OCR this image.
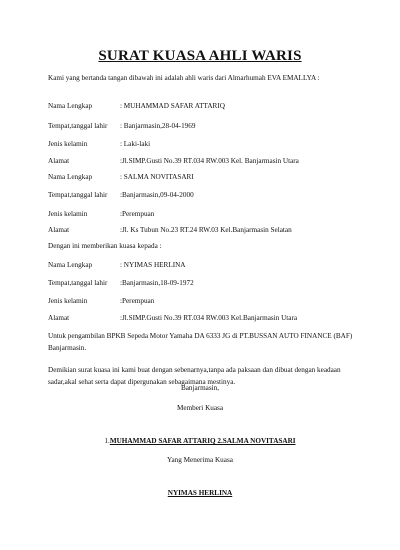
SURAT KUASA AHLI WARIS
Kami yang bertanda tangan dibawah ini adalah ahli waris dari Almarhumah EVA EMALLYA :
Nama Lengkap	: MUHAMMAD SAFAR ATTARIQ
Tempat,tanggal lahir : Banjarmasin,28-04-1969
Jenis kelamin	: Laki-laki
Alamat	:Jl.SIMP.Gusti No.39 RT.034 RW.003 Kel. Banjarmasin Utara
Nama Lengkap	: SALMA NOVITASARI
Tempat,tanggal lahir :Banjarmasin,09-04-2000
Jenis kelamin	:Perempuan
Alamat	:Jl. Ks Tubun No.23 RT.24 RW.03 Kel.Banjarmasin Selatan
Dengan ini memberikan kuasa kepada :
Nama Lengkap	: NYIMAS HERLINA
Tempat,tanggal lahir :Banjarmasin,18-09-1972
Jenis kelamin	:Perempuan
Alamat	:Jl.SIMP.Gusti No.39 RT.034 RW.003 Kel.Banjarmasin Utara
Untuk pengambilan BPKB Sepeda Motor Yamaha DA 6333 JG di PT.BUSSAN AUTO FINANCE (BAF) Banjarmasin.
Demikian surat kuasa ini kami buat dengan sebenarnya,tanpa ada paksaan dan dibuat dengan keadaan sadar,akal sehat serta dapat dipergunakan sebagaimana mestinya.
Banjarmasin,
Memberi Kuasa
1.MUHAMMAD SAFAR ATTARIQ 2.SALMA NOVITASARI
Yang Menerima Kuasa
NYIMAS HERLINA
